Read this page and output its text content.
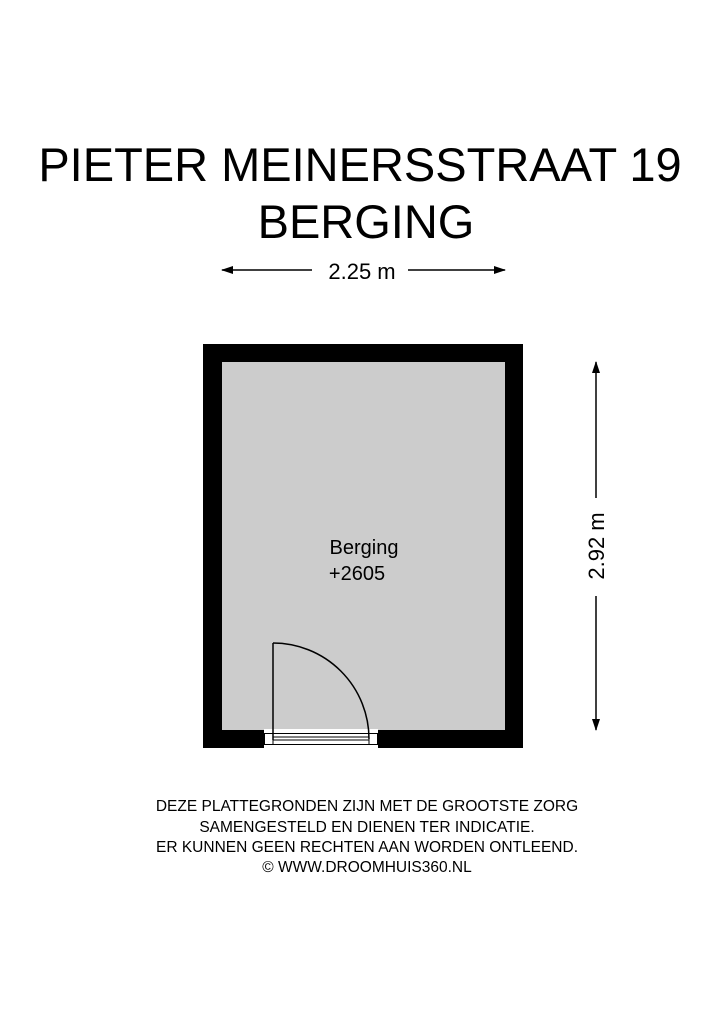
PIETER MEINERSSTRAAT 19
BERGING
2.25 m
Berging
+2605	2.92 m
DEZE PLATTEGRONDEN ZIJN MET DE GROOTSTE ZORG
SAMENGESTELD EN DIENEN TER INDICATIE.
ER KUNNEN GEEN RECHTEN AAN WORDEN ONTLEEND.
© WWW.DROOMHUIS360.NL
